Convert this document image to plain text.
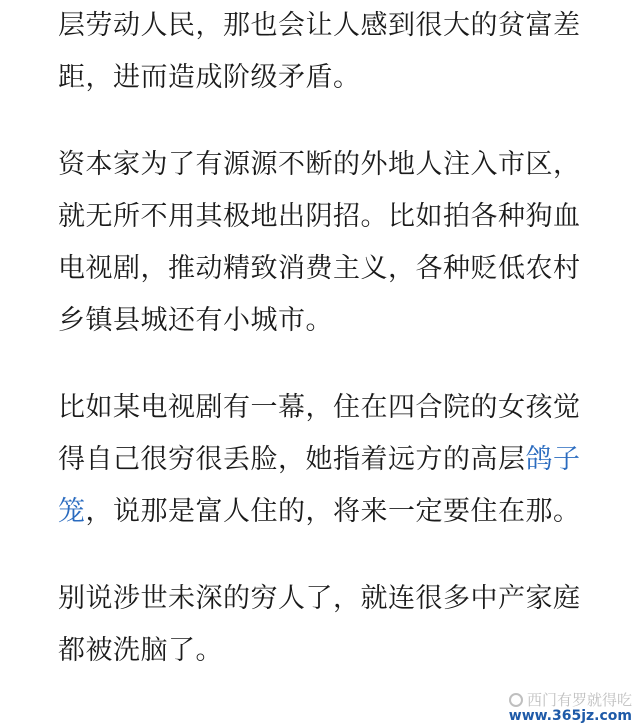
层劳动人民，那也会让人感到很大的贫富差
距，进而造成阶级矛盾。
资本家为了有源源不断的外地人注入市区，
就无所不用其极地出阴招。比如拍各种狗血
电视剧，推动精致消费主义，各种贬低农村
乡镇县城还有小城市。
比如某电视剧有一幕，住在四合院的女孩觉
得自己很穷很丢脸，她指着远方的高层鸽子
笼，说那是富人住的，将来一定要住在那。
别说涉世未深的穷人了，就连很多中产家庭
都被洗脑了。
西门有罗就得吃
www.365jz.com
